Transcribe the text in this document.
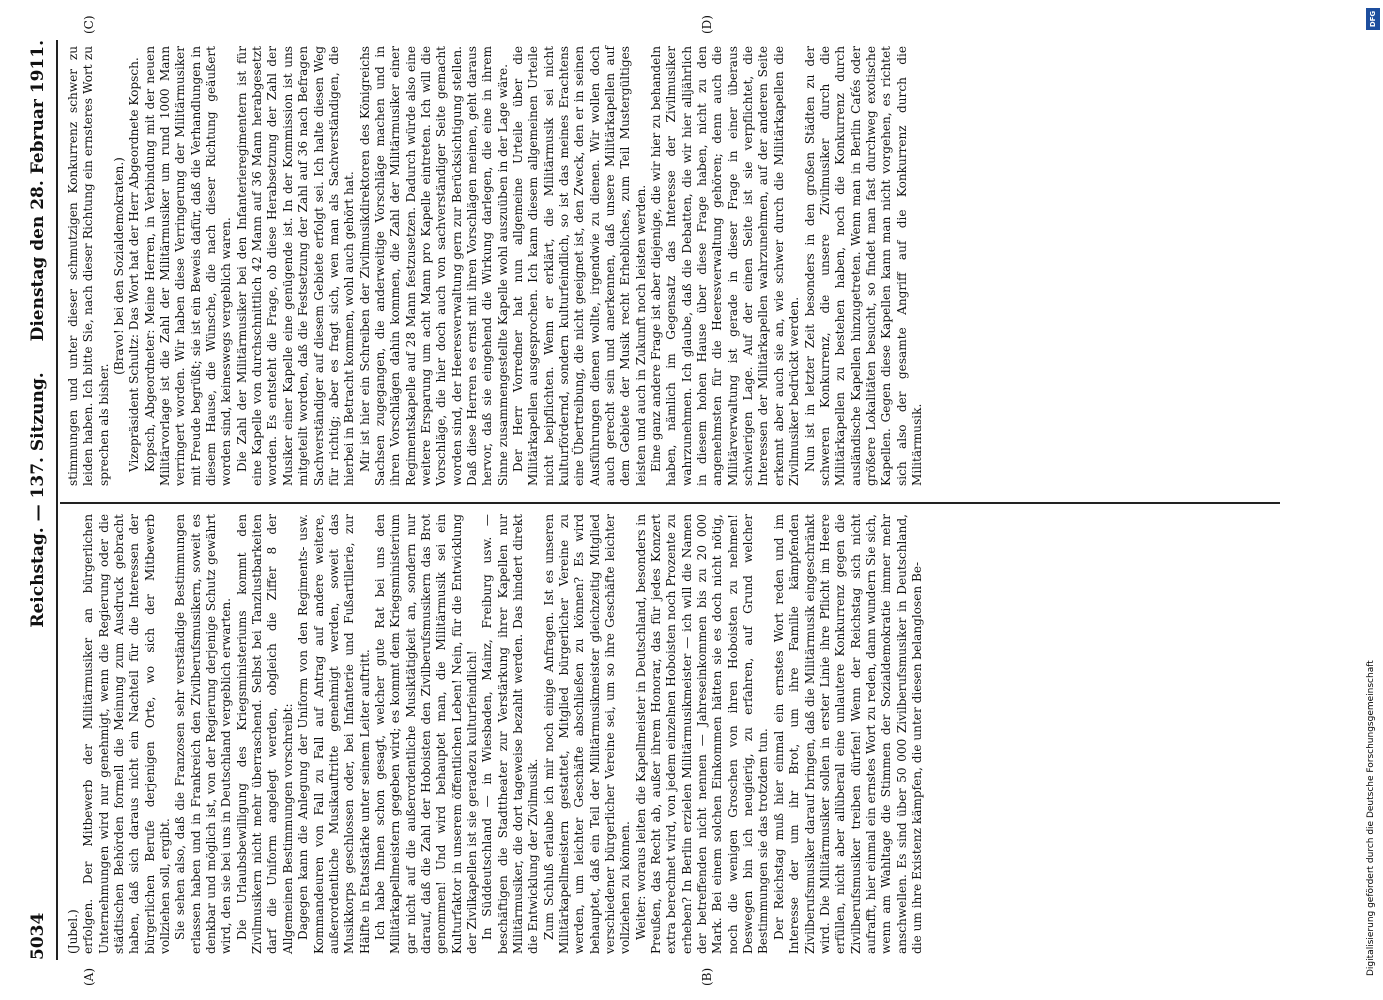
5034
Reichstag. — 137. Sitzung.
Dienstag den 28. Februar 1911.
(A)	(B)
(C)	(D)

(Jubel.) erfolgen. Der Mitbewerb der Militärmusiker an bürgerlichen Unternehmungen wird nur genehmigt, wenn die Regierung oder die städtischen Behörden formell die Meinung zum Ausdruck gebracht haben, daß sich daraus nicht ein Nachteil für die Interessen der bürgerlichen Berufe derjenigen Orte, wo sich der Mitbewerb vollziehen soll, ergibt. Sie sehen also, daß die Franzosen sehr verständige Bestimmungen erlassen haben und in Frankreich den Zivilberufsmusikern, soweit es denkbar und möglich ist, von der Regierung derjenige Schutz gewährt wird, den sie bei uns in Deutschland vergeblich erwarten. Die Urlaubsbewilligung des Kriegsministeriums kommt den Zivilmusikern nicht mehr überraschend. Selbst bei Tanzlustbarkeiten darf die Uniform angelegt werden, obgleich die Ziffer 8 der Allgemeinen Bestimmungen vorschreibt: Dagegen kann die Anlegung der Uniform von den Regiments- usw. Kommandeuren von Fall zu Fall auf Antrag auf andere weitere, außerordentliche Musikauftritte genehmigt werden, soweit das Musikkorps geschlossen oder, bei Infanterie und Fußartillerie, zur Hälfte in Etatsstärke unter seinem Leiter auftritt. Ich habe Ihnen schon gesagt, welcher gute Rat bei uns den Militärkapellmeistern gegeben wird; es kommt dem Kriegsministerium gar nicht auf die außerordentliche Musiktätigkeit an, sondern nur darauf, daß die Zahl der Hoboisten den Zivilberufsmusikern das Brot genommen! Und wird behauptet man, die Militärmusik sei ein Kulturfaktor in unserem öffentlichen Leben! Nein, für die Entwicklung der Zivilkapellen ist sie geradezu kulturfeindlich! In Süddeutschland — in Wiesbaden, Mainz, Freiburg usw. — beschäftigen die Stadttheater zur Verstärkung ihrer Kapellen nur Militärmusiker, die dort tageweise bezahlt werden. Das hindert direkt die Entwicklung der Zivilmusik. Zum Schluß erlaube ich mir noch einige Anfragen. Ist es unseren Militärkapellmeistern gestattet, Mitglied bürgerlicher Vereine zu werden, um leichter Geschäfte abschließen zu können? Es wird behauptet, daß ein Teil der Militärmusikmeister gleichzeitig Mitglied verschiedener bürgerlicher Vereine sei, um so ihre Geschäfte leichter vollziehen zu können. Weiter: woraus leiten die Kapellmeister in Deutschland, besonders in Preußen, das Recht ab, außer ihrem Honorar, das für jedes Konzert extra berechnet wird, von jedem einzelnen Hoboisten noch Prozente zu erheben? In Berlin erzielen Militärmusikmeister — ich will die Namen der betreffenden nicht nennen — Jahreseinkommen bis zu 20 000 Mark. Bei einem solchen Einkommen hätten sie es doch nicht nötig, noch die wenigen Groschen von ihren Hoboisten zu nehmen! Deswegen bin ich neugierig, zu erfahren, auf Grund welcher Bestimmungen sie das trotzdem tun. Der Reichstag muß hier einmal ein ernstes Wort reden und im Interesse der um ihr Brot, um ihre Familie kämpfenden Zivilberufsmusiker darauf bringen, daß die Militärmusik eingeschränkt wird. Die Militärmusiker sollen in erster Linie ihre Pflicht im Heere erfüllen, nicht aber allüberall eine unlautere Konkurrenz gegen die Zivilberufsmusiker treiben dürfen! Wenn der Reichstag sich nicht aufrafft, hier einmal ein ernstes Wort zu reden, dann wundern Sie sich, wenn am Wahltage die Stimmen der Sozialdemokratie immer mehr anschwellen. Es sind über 50 000 Zivilberufsmusiker in Deutschland, die um ihre Existenz kämpfen, die unter diesen belanglosen Be-

stimmungen und unter dieser schmutzigen Konkurrenz schwer zu leiden haben. Ich bitte Sie, nach dieser Richtung ein ernsteres Wort zu sprechen als bisher.

(Bravo! bei den Sozialdemokraten.) Vizepräsident Schultz: Das Wort hat der Herr Abgeordnete Kopsch. Kopsch, Abgeordneter: Meine Herren, in Verbindung mit der neuen Militärvorlage ist die Zahl der Militärmusiker um rund 1000 Mann verringert worden. Wir haben diese Verringerung der Militärmusiker mit Freude begrüßt; sie ist ein Beweis dafür, daß die Verhandlungen in diesem Hause, die Wünsche, die nach dieser Richtung geäußert worden sind, keineswegs vergeblich waren. Die Zahl der Militärmusiker bei den Infanterieregimentern ist für eine Kapelle von durchschnittlich 42 Mann auf 36 Mann herabgesetzt worden. Es entsteht die Frage, ob diese Herabsetzung der Zahl der Musiker einer Kapelle eine genügende ist. In der Kommission ist uns mitgeteilt worden, daß die Festsetzung der Zahl auf 36 nach Befragen Sachverständiger auf diesem Gebiete erfolgt sei. Ich halte diesen Weg für richtig; aber es fragt sich, wen man als Sachverständigen, die hierbei in Betracht kommen, wohl auch gehört hat. Mir ist hier ein Schreiben der Zivilmusikdirektoren des Königreichs Sachsen zugegangen, die anderweitige Vorschläge machen und in ihren Vorschlägen dahin kommen, die Zahl der Militärmusiker einer Regimentskapelle auf 28 Mann festzusetzen. Dadurch würde also eine weitere Ersparung um acht Mann pro Kapelle eintreten. Ich will die Vorschläge, die hier doch auch von sachverständiger Seite gemacht worden sind, der Heeresverwaltung gern zur Berücksichtigung stellen. Daß diese Herren es ernst mit ihren Vorschlägen meinen, geht daraus hervor, daß sie eingehend die Wirkung darlegen, die eine in ihrem Sinne zusammengestellte Kapelle wohl auszuüben in der Lage wäre. Der Herr Vorredner hat nun allgemeine Urteile über die Militärkapellen ausgesprochen. Ich kann diesem allgemeinen Urteile nicht beipflichten. Wenn er erklärt, die Militärmusik sei nicht kulturfördernd, sondern kulturfeindlich, so ist das meines Erachtens eine Übertreibung, die nicht geeignet ist, den Zweck, den er in seinen Ausführungen dienen wollte, irgendwie zu dienen. Wir wollen doch auch gerecht sein und anerkennen, daß unsere Militärkapellen auf dem Gebiete der Musik recht Erhebliches, zum Teil Mustergültiges leisten und auch in Zukunft noch leisten werden. Eine ganz andere Frage ist aber diejenige, die wir hier zu behandeln haben, nämlich im Gegensatz das Interesse der Zivilmusiker wahrzunehmen. Ich glaube, daß die Debatten, die wir hier alljährlich in diesem hohen Hause über diese Frage haben, nicht zu den angenehmsten für die Heeresverwaltung gehören; denn auch die Militärverwaltung ist gerade in dieser Frage in einer überaus schwierigen Lage. Auf der einen Seite ist sie verpflichtet, die Interessen der Militärkapellen wahrzunehmen, auf der anderen Seite erkennt aber auch sie an, wie schwer durch die Militärkapellen die Zivilmusiker bedrückt werden. Nun ist in letzter Zeit besonders in den großen Städten zu der schweren Konkurrenz, die unsere Zivilmusiker durch die Militärkapellen zu bestehen haben, noch die Konkurrenz durch ausländische Kapellen hinzugetreten. Wenn man in Berlin Cafés oder größere Lokalitäten besucht, so findet man fast durchweg exotische Kapellen. Gegen diese Kapellen kann man nicht vorgehen, es richtet sich also der gesamte Angriff auf die Konkurrenz durch die Militärmusik.

DFG
Digitalisierung gefördert durch die Deutsche Forschungsgemeinschaft
